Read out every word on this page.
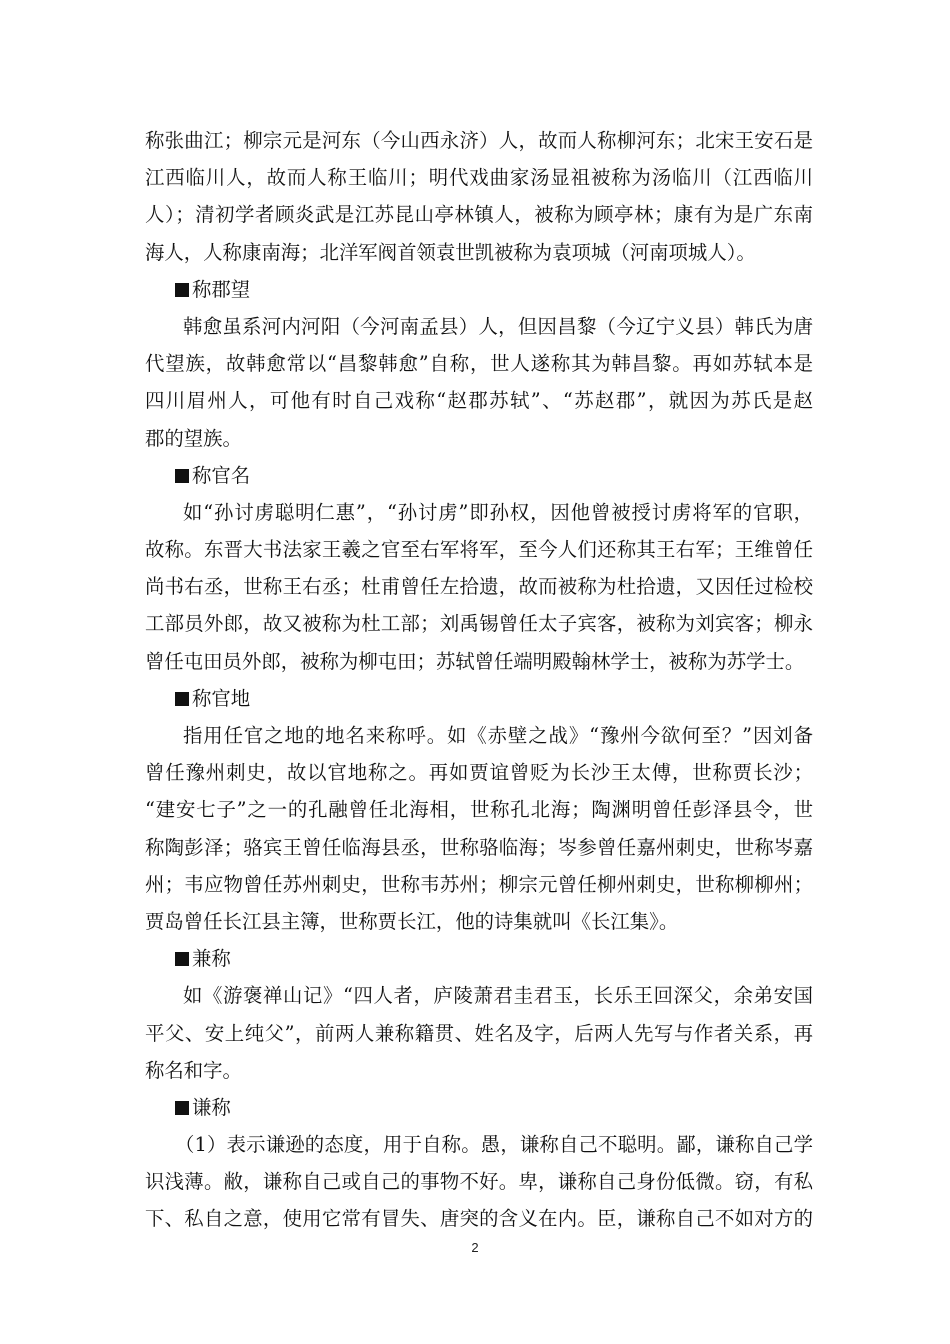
称张曲江；柳宗元是河东（今山西永济）人，故而人称柳河东；北宋王安石是
江西临川人，故而人称王临川；明代戏曲家汤显祖被称为汤临川（江西临川
人）；清初学者顾炎武是江苏昆山亭林镇人，被称为顾亭林；康有为是广东南
海人，人称康南海；北洋军阀首领袁世凯被称为袁项城（河南项城人）。
称郡望
韩愈虽系河内河阳（今河南孟县）人，但因昌黎（今辽宁义县）韩氏为唐
代望族，故韩愈常以“昌黎韩愈”自称，世人遂称其为韩昌黎。再如苏轼本是
四川眉州人，可他有时自己戏称“赵郡苏轼”、“苏赵郡”，就因为苏氏是赵
郡的望族。
称官名
如“孙讨虏聪明仁惠”，“孙讨虏”即孙权，因他曾被授讨虏将军的官职，
故称。东晋大书法家王羲之官至右军将军，至今人们还称其王右军；王维曾任
尚书右丞，世称王右丞；杜甫曾任左拾遗，故而被称为杜拾遗，又因任过检校
工部员外郎，故又被称为杜工部；刘禹锡曾任太子宾客，被称为刘宾客；柳永
曾任屯田员外郎，被称为柳屯田；苏轼曾任端明殿翰林学士，被称为苏学士。
称官地
指用任官之地的地名来称呼。如《赤壁之战》“豫州今欲何至？”因刘备
曾任豫州刺史，故以官地称之。再如贾谊曾贬为长沙王太傅，世称贾长沙；
“建安七子”之一的孔融曾任北海相，世称孔北海；陶渊明曾任彭泽县令，世
称陶彭泽；骆宾王曾任临海县丞，世称骆临海；岑参曾任嘉州刺史，世称岑嘉
州；韦应物曾任苏州刺史，世称韦苏州；柳宗元曾任柳州刺史，世称柳柳州；
贾岛曾任长江县主簿，世称贾长江，他的诗集就叫《长江集》。
兼称
如《游褒禅山记》“四人者，庐陵萧君圭君玉，长乐王回深父，余弟安国
平父、安上纯父”，前两人兼称籍贯、姓名及字，后两人先写与作者关系，再
称名和字。
谦称
（1）表示谦逊的态度，用于自称。愚，谦称自己不聪明。鄙，谦称自己学
识浅薄。敝，谦称自己或自己的事物不好。卑，谦称自己身份低微。窃，有私
下、私自之意，使用它常有冒失、唐突的含义在内。臣，谦称自己不如对方的
2
